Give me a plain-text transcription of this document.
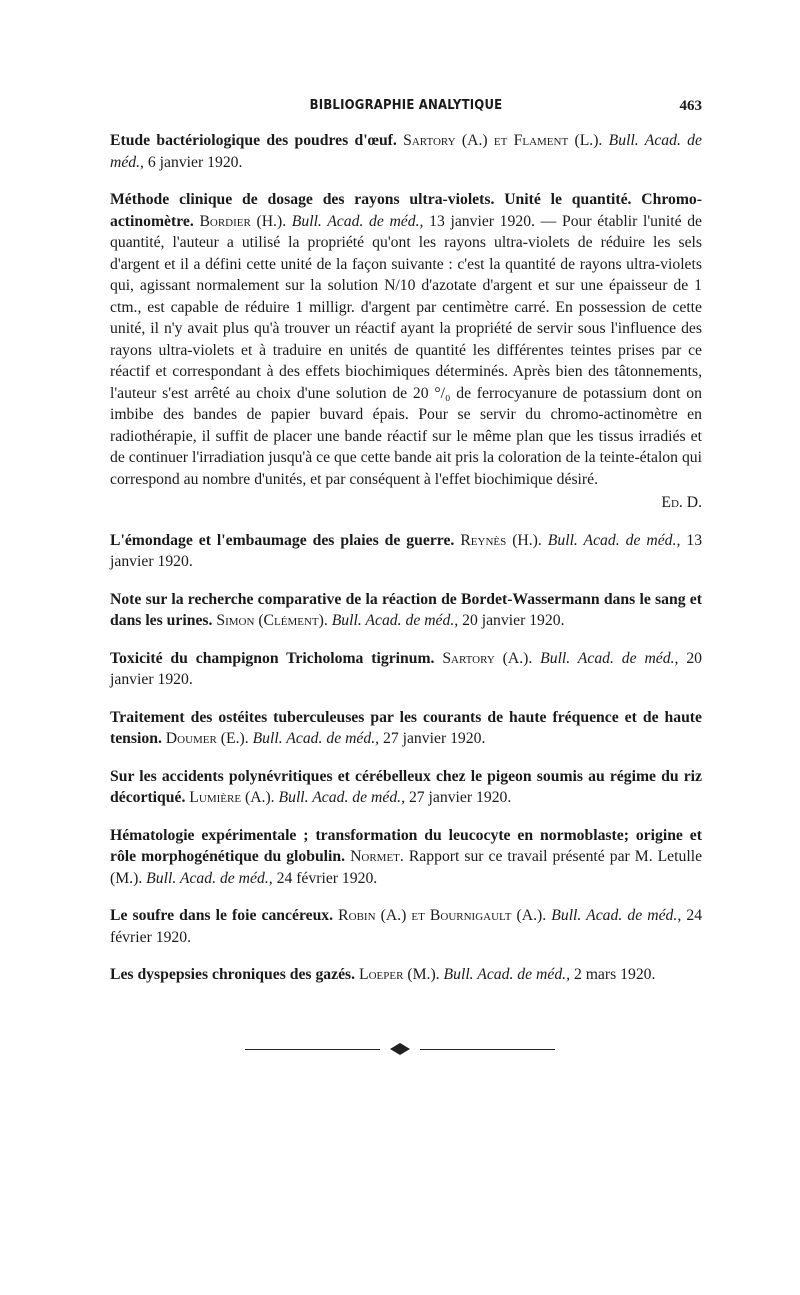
BIBLIOGRAPHIE ANALYTIQUE	463

Etude bactériologique des poudres d'œuf. Sartory (A.) et Flament (L.). Bull. Acad. de méd., 6 janvier 1920.

Méthode clinique de dosage des rayons ultra-violets. Unité le quantité. Chromo-actinomètre. Bordier (H.). Bull. Acad. de méd., 13 janvier 1920. — Pour établir l'unité de quantité, l'auteur a utilisé la propriété qu'ont les rayons ultra-violets de réduire les sels d'argent et il a défini cette unité de la façon suivante : c'est la quantité de rayons ultra-violets qui, agissant normalement sur la solution N/10 d'azotate d'argent et sur une épaisseur de 1 ctm., est capable de réduire 1 milligr. d'argent par centimètre carré. En possession de cette unité, il n'y avait plus qu'à trouver un réactif ayant la propriété de servir sous l'influence des rayons ultra-violets et à traduire en unités de quantité les différentes teintes prises par ce réactif et correspondant à des effets biochimiques déterminés. Après bien des tâtonnements, l'auteur s'est arrêté au choix d'une solution de 20 °/₀ de ferrocyanure de potassium dont on imbibe des bandes de papier buvard épais. Pour se servir du chromo-actinomètre en radiothérapie, il suffit de placer une bande réactif sur le même plan que les tissus irradiés et de continuer l'irradiation jusqu'à ce que cette bande ait pris la coloration de la teinte-étalon qui correspond au nombre d'unités, et par conséquent à l'effet biochimique désiré.

Ed. D.

L'émondage et l'embaumage des plaies de guerre. Reynès (H.). Bull. Acad. de méd., 13 janvier 1920.

Note sur la recherche comparative de la réaction de Bordet-Wassermann dans le sang et dans les urines. Simon (Clément). Bull. Acad. de méd., 20 janvier 1920.

Toxicité du champignon Tricholoma tigrinum. Sartory (A.). Bull. Acad. de méd., 20 janvier 1920.

Traitement des ostéites tuberculeuses par les courants de haute fréquence et de haute tension. Doumer (E.). Bull. Acad. de méd., 27 janvier 1920.

Sur les accidents polynévritiques et cérébelleux chez le pigeon soumis au régime du riz décortiqué. Lumière (A.). Bull. Acad. de méd., 27 janvier 1920.

Hématologie expérimentale ; transformation du leucocyte en normoblaste; origine et rôle morphogénétique du globulin. Normet. Rapport sur ce travail présenté par M. Letulle (M.). Bull. Acad. de méd., 24 février 1920.

Le soufre dans le foie cancéreux. Robin (A.) et Bournigault (A.). Bull. Acad. de méd., 24 février 1920.

Les dyspepsies chroniques des gazés. Loeper (M.). Bull. Acad. de méd., 2 mars 1920.
